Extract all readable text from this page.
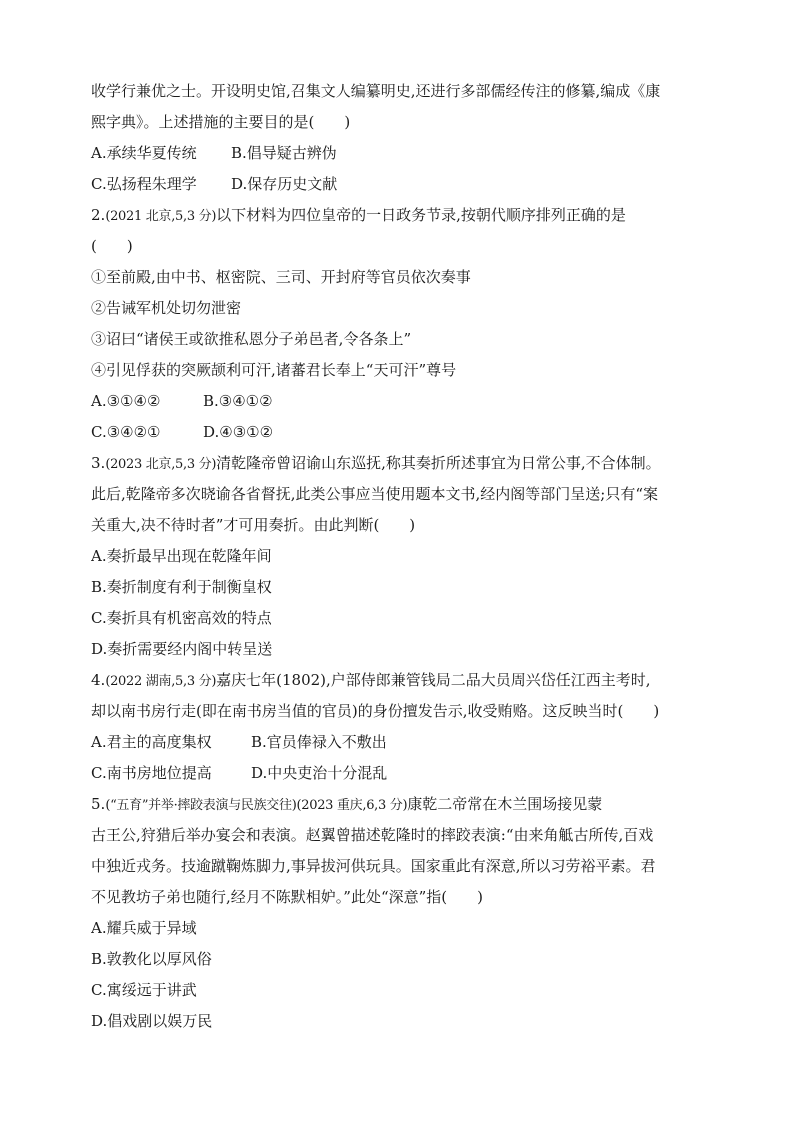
收学行兼优之士。开设明史馆,召集文人编纂明史,还进行多部儒经传注的修纂,编成《康
熙字典》。上述措施的主要目的是(　　)
A.承续华夏传统	B.倡导疑古辨伪
C.弘扬程朱理学	D.保存历史文献
2.(2021 北京,5,3 分)以下材料为四位皇帝的一日政务节录,按朝代顺序排列正确的是
(　　)
①至前殿,由中书、枢密院、三司、开封府等官员依次奏事
②告诫军机处切勿泄密
③诏曰“诸侯王或欲推私恩分子弟邑者,令各条上”
④引见俘获的突厥颉利可汗,诸蕃君长奉上“天可汗”尊号
A.③①④②	B.③④①②
C.③④②①	D.④③①②
3.(2023 北京,5,3 分)清乾隆帝曾诏谕山东巡抚,称其奏折所述事宜为日常公事,不合体制。
此后,乾隆帝多次晓谕各省督抚,此类公事应当使用题本文书,经内阁等部门呈送;只有“案
关重大,决不待时者”才可用奏折。由此判断(　　)
A.奏折最早出现在乾隆年间
B.奏折制度有利于制衡皇权
C.奏折具有机密高效的特点
D.奏折需要经内阁中转呈送
4.(2022 湖南,5,3 分)嘉庆七年(1802),户部侍郎兼管钱局二品大员周兴岱任江西主考时,
却以南书房行走(即在南书房当值的官员)的身份擅发告示,收受贿赂。这反映当时(　　)
A.君主的高度集权	B.官员俸禄入不敷出
C.南书房地位提高	D.中央吏治十分混乱
5.(“五育”并举·摔跤表演与民族交往)(2023 重庆,6,3 分)康乾二帝常在木兰围场接见蒙
古王公,狩猎后举办宴会和表演。赵翼曾描述乾隆时的摔跤表演:“由来角觝古所传,百戏
中独近戎务。技逾蹴鞠炼脚力,事异拔河供玩具。国家重此有深意,所以习劳裕平素。君
不见教坊子弟也随行,经月不陈默相妒。”此处“深意”指(　　)
A.耀兵威于异域
B.敦教化以厚风俗
C.寓绥远于讲武
D.倡戏剧以娱万民
